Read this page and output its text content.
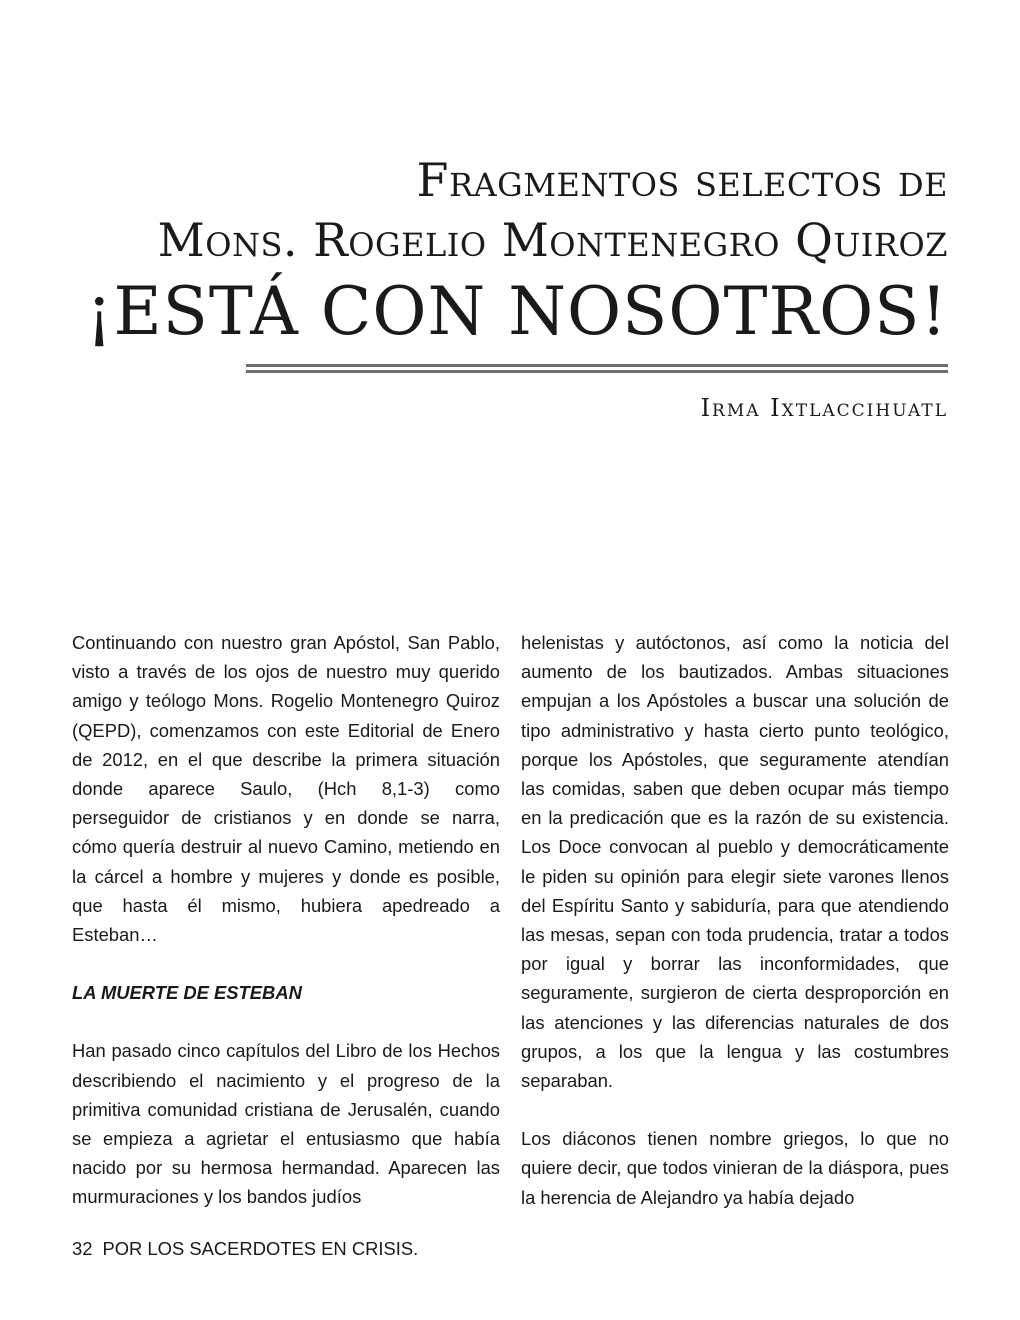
Fragmentos selectos de
Mons. Rogelio Montenegro Quiroz
¡ESTÁ CON NOSOTROS!
Irma Ixtlaccihuatl

Continuando con nuestro gran Apóstol, San Pablo, visto a través de los ojos de nuestro muy querido amigo y teólogo Mons. Rogelio Montenegro Quiroz (QEPD), comenzamos con este Editorial de Enero de 2012, en el que describe la primera situación donde aparece Saulo, (Hch 8,1-3) como perseguidor de cristianos y en donde se narra, cómo quería destruir al nuevo Camino, metiendo en la cárcel a hombre y mujeres y donde es posible, que hasta él mismo, hubiera apedreado a Esteban…

LA MUERTE DE ESTEBAN

Han pasado cinco capítulos del Libro de los Hechos describiendo el nacimiento y el progreso de la primitiva comunidad cristiana de Jerusalén, cuando se empieza a agrietar el entusiasmo que había nacido por su hermosa hermandad. Aparecen las murmuraciones y los bandos judíos

helenistas y autóctonos, así como la noticia del aumento de los bautizados. Ambas situaciones empujan a los Apóstoles a buscar una solución de tipo administrativo y hasta cierto punto teológico, porque los Apóstoles, que seguramente atendían las comidas, saben que deben ocupar más tiempo en la predicación que es la razón de su existencia. Los Doce convocan al pueblo y democráticamente le piden su opinión para elegir siete varones llenos del Espíritu Santo y sabiduría, para que atendiendo las mesas, sepan con toda prudencia, tratar a todos por igual y borrar las inconformidades, que seguramente, surgieron de cierta desproporción en las atenciones y las diferencias naturales de dos grupos, a los que la lengua y las costumbres separaban.

Los diáconos tienen nombre griegos, lo que no quiere decir, que todos vinieran de la diáspora, pues la herencia de Alejandro ya había dejado

32 POR LOS SACERDOTES EN CRISIS.
